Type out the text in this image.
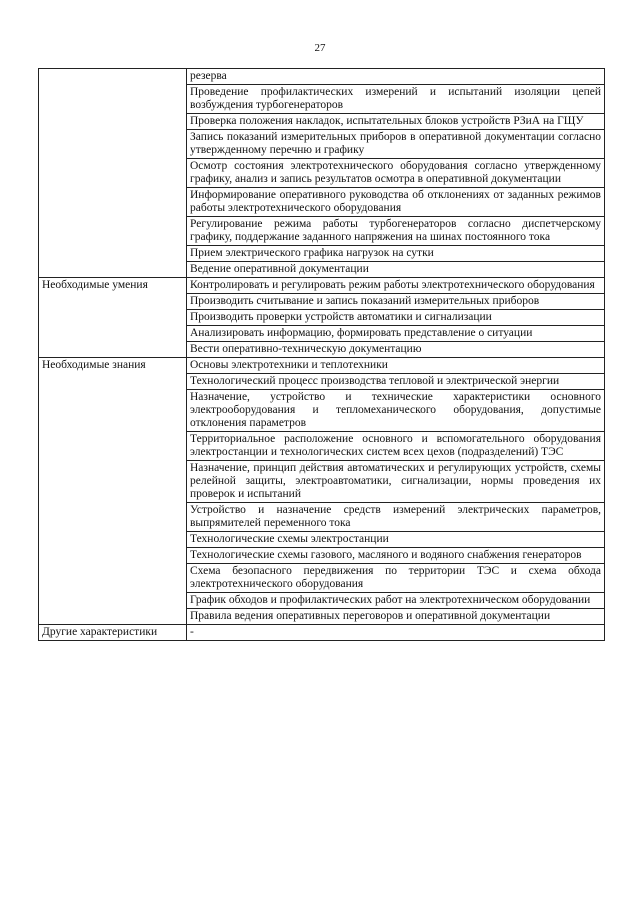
27
	резерва
	Проведение профилактических измерений и испытаний изоляции цепей возбуждения турбогенераторов
	Проверка положения накладок, испытательных блоков устройств РЗиА на ГЩУ
	Запись показаний измерительных приборов в оперативной документации согласно утвержденному перечню и графику
	Осмотр состояния электротехнического оборудования согласно утвержденному графику, анализ и запись результатов осмотра в оперативной документации
	Информирование оперативного руководства об отклонениях от заданных режимов работы электротехнического оборудования
	Регулирование режима работы турбогенераторов согласно диспетчерскому графику, поддержание заданного напряжения на шинах постоянного тока
	Прием электрического графика нагрузок на сутки
	Ведение оперативной документации
Необходимые умения	Контролировать и регулировать режим работы электротехнического оборудования
	Производить считывание и запись показаний измерительных приборов
	Производить проверки устройств автоматики и сигнализации
	Анализировать информацию, формировать представление о ситуации
	Вести оперативно-техническую документацию
Необходимые знания	Основы электротехники и теплотехники
	Технологический процесс производства тепловой и электрической энергии
	Назначение, устройство и технические характеристики основного электрооборудования и тепломеханического оборудования, допустимые отклонения параметров
	Территориальное расположение основного и вспомогательного оборудования электростанции и технологических систем всех цехов (подразделений) ТЭС
	Назначение, принцип действия автоматических и регулирующих устройств, схемы релейной защиты, электроавтоматики, сигнализации, нормы проведения их проверок и испытаний
	Устройство и назначение средств измерений электрических параметров, выпрямителей переменного тока
	Технологические схемы электростанции
	Технологические схемы газового, масляного и водяного снабжения генераторов
	Схема безопасного передвижения по территории ТЭС и схема обхода электротехнического оборудования
	График обходов и профилактических работ на электротехническом оборудовании
	Правила ведения оперативных переговоров и оперативной документации
Другие характеристики	-
